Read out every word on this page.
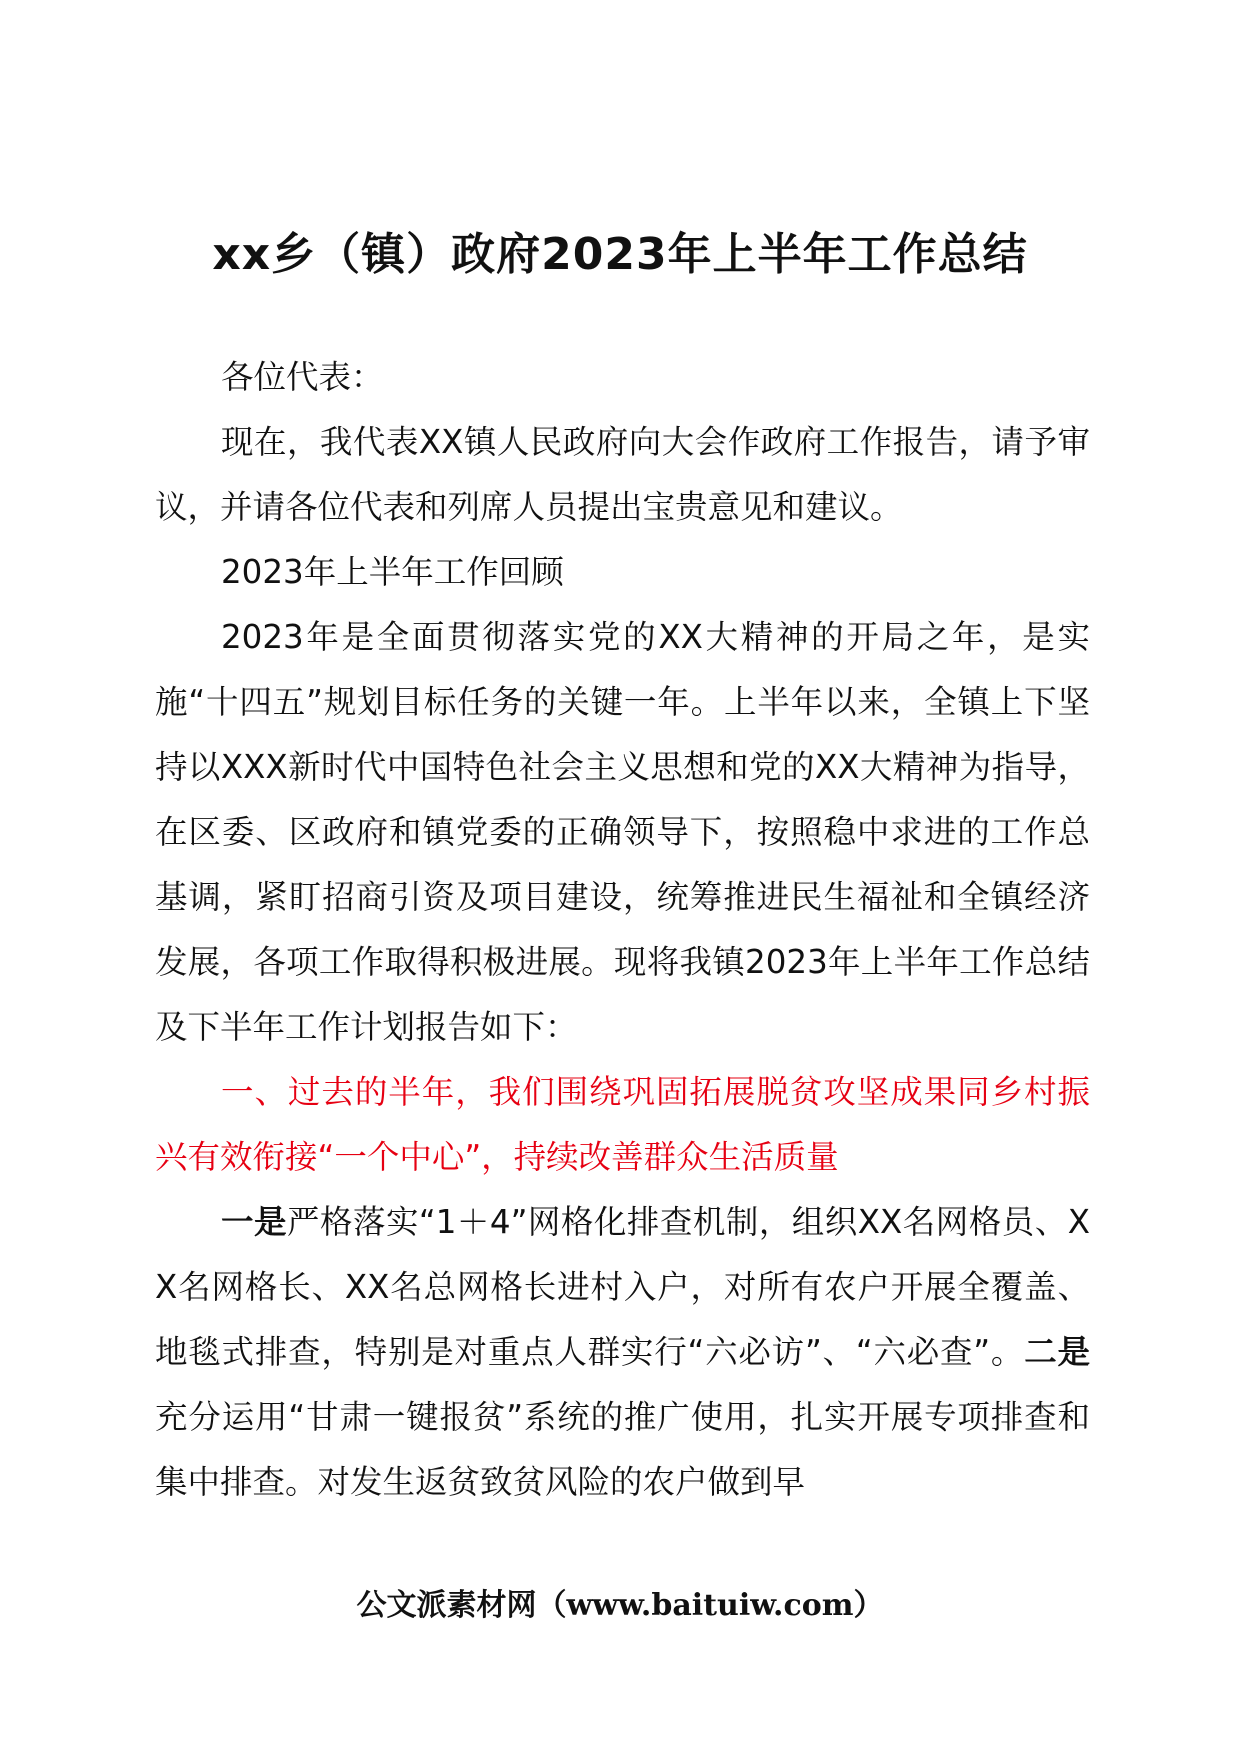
xx乡（镇）政府2023年上半年工作总结

各位代表：

现在，我代表XX镇人民政府向大会作政府工作报告，请予审议，并请各位代表和列席人员提出宝贵意见和建议。

2023年上半年工作回顾

2023年是全面贯彻落实党的XX大精神的开局之年，是实施“十四五”规划目标任务的关键一年。上半年以来，全镇上下坚持以XXX新时代中国特色社会主义思想和党的XX大精神为指导，在区委、区政府和镇党委的正确领导下，按照稳中求进的工作总基调，紧盯招商引资及项目建设，统筹推进民生福祉和全镇经济发展，各项工作取得积极进展。现将我镇2023年上半年工作总结及下半年工作计划报告如下：

一、过去的半年，我们围绕巩固拓展脱贫攻坚成果同乡村振兴有效衔接“一个中心”，持续改善群众生活质量

一是严格落实“1＋4”网格化排查机制，组织XX名网格员、XX名网格长、XX名总网格长进村入户，对所有农户开展全覆盖、地毯式排查，特别是对重点人群实行“六必访”、“六必查”。二是充分运用“甘肃一键报贫”系统的推广使用，扎实开展专项排查和集中排查。对发生返贫致贫风险的农户做到早

公文派素材网（www.baituiw.com）
